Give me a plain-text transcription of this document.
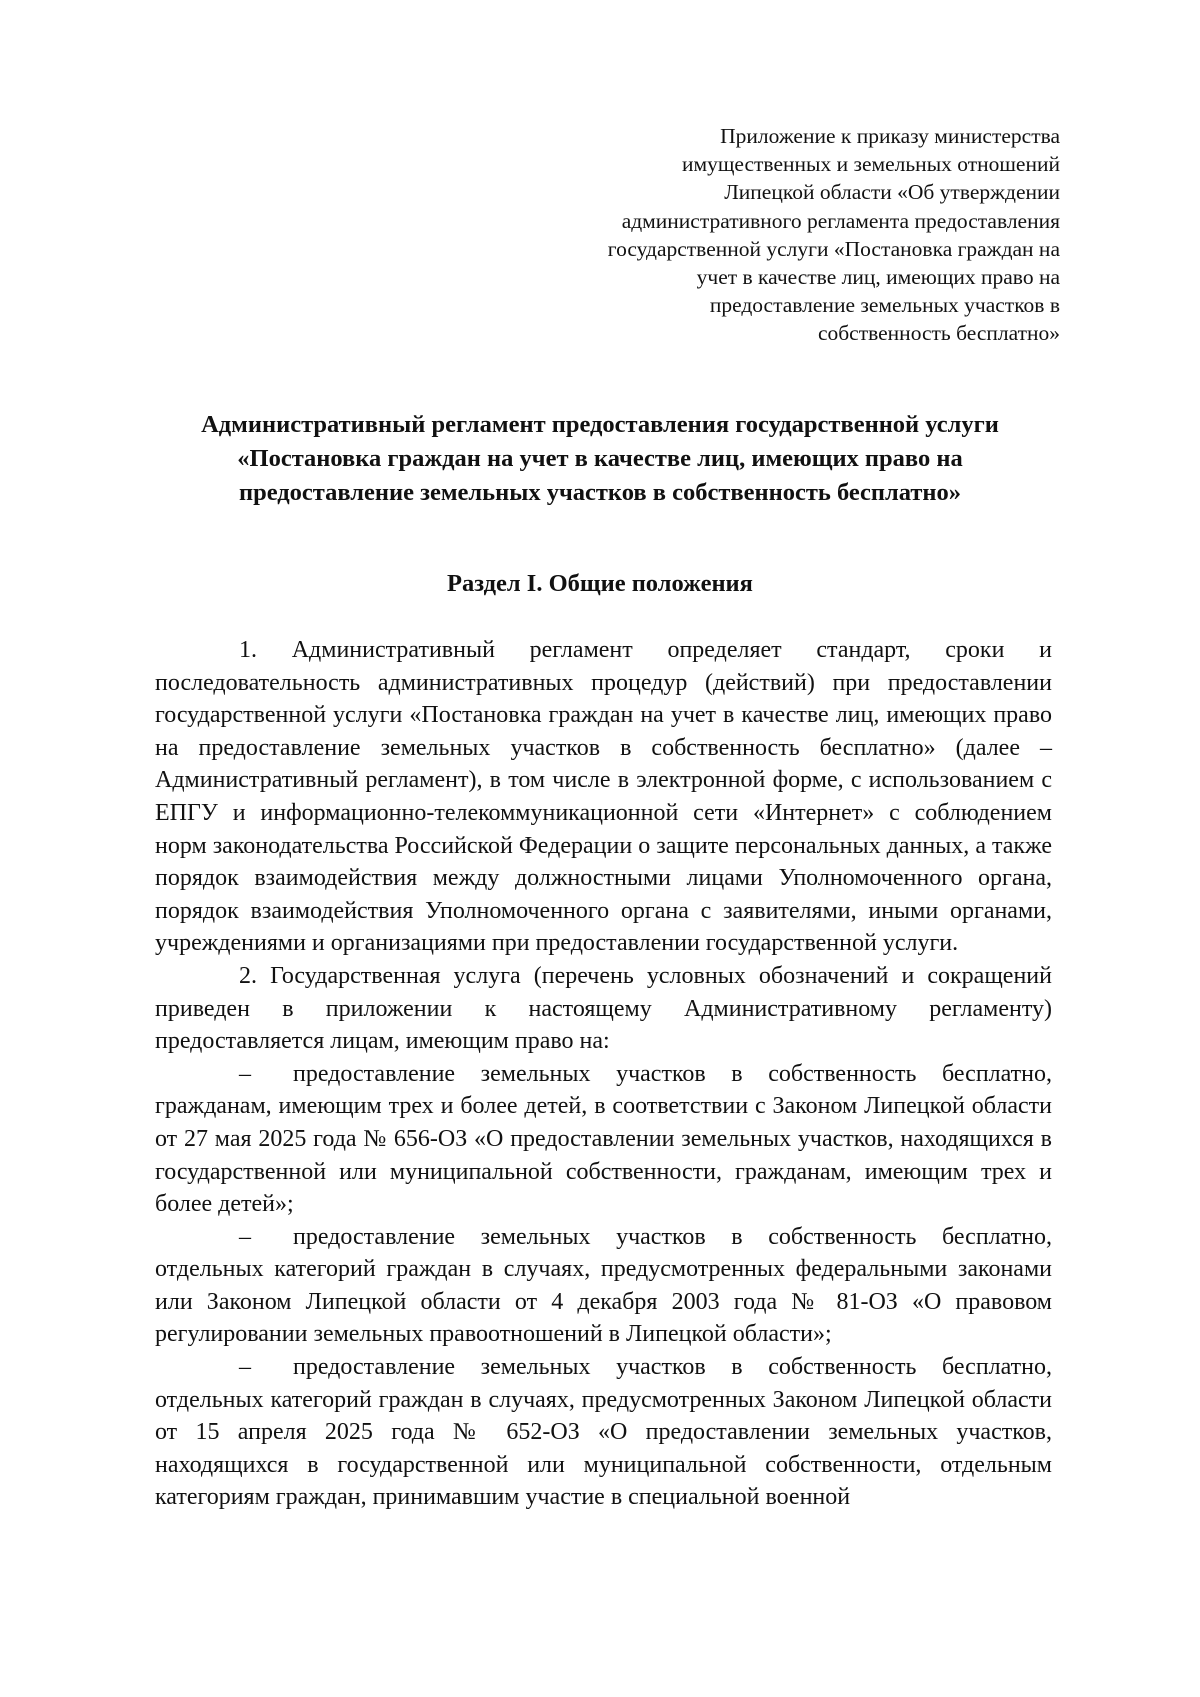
Приложение к приказу министерства
имущественных и земельных отношений
Липецкой области «Об утверждении
административного регламента предоставления
государственной услуги «Постановка граждан на
учет в качестве лиц, имеющих право на
предоставление земельных участков в
собственность бесплатно»
Административный регламент предоставления государственной услуги
«Постановка граждан на учет в качестве лиц, имеющих право на
предоставление земельных участков в собственность бесплатно»
Раздел I. Общие положения

1. Административный регламент определяет стандарт, сроки и последовательность административных процедур (действий) при предоставлении государственной услуги «Постановка граждан на учет в качестве лиц, имеющих право на предоставление земельных участков в собственность бесплатно» (далее – Административный регламент), в том числе в электронной форме, с использованием с ЕПГУ и информационно-телекоммуникационной сети «Интернет» с соблюдением норм законодательства Российской Федерации о защите персональных данных, а также порядок взаимодействия между должностными лицами Уполномоченного органа, порядок взаимодействия Уполномоченного органа с заявителями, иными органами, учреждениями и организациями при предоставлении государственной услуги.

2. Государственная услуга (перечень условных обозначений и сокращений приведен в приложении к настоящему Административному регламенту) предоставляется лицам, имеющим право на:

– предоставление земельных участков в собственность бесплатно, гражданам, имеющим трех и более детей, в соответствии с Законом Липецкой области от 27 мая 2025 года № 656-ОЗ «О предоставлении земельных участков, находящихся в государственной или муниципальной собственности, гражданам, имеющим трех и более детей»;

– предоставление земельных участков в собственность бесплатно, отдельных категорий граждан в случаях, предусмотренных федеральными законами или Законом Липецкой области от 4 декабря 2003 года № 81-ОЗ «О правовом регулировании земельных правоотношений в Липецкой области»;

– предоставление земельных участков в собственность бесплатно, отдельных категорий граждан в случаях, предусмотренных Законом Липецкой области от 15 апреля 2025 года № 652-ОЗ «О предоставлении земельных участков, находящихся в государственной или муниципальной собственности, отдельным категориям граждан, принимавшим участие в специальной военной
